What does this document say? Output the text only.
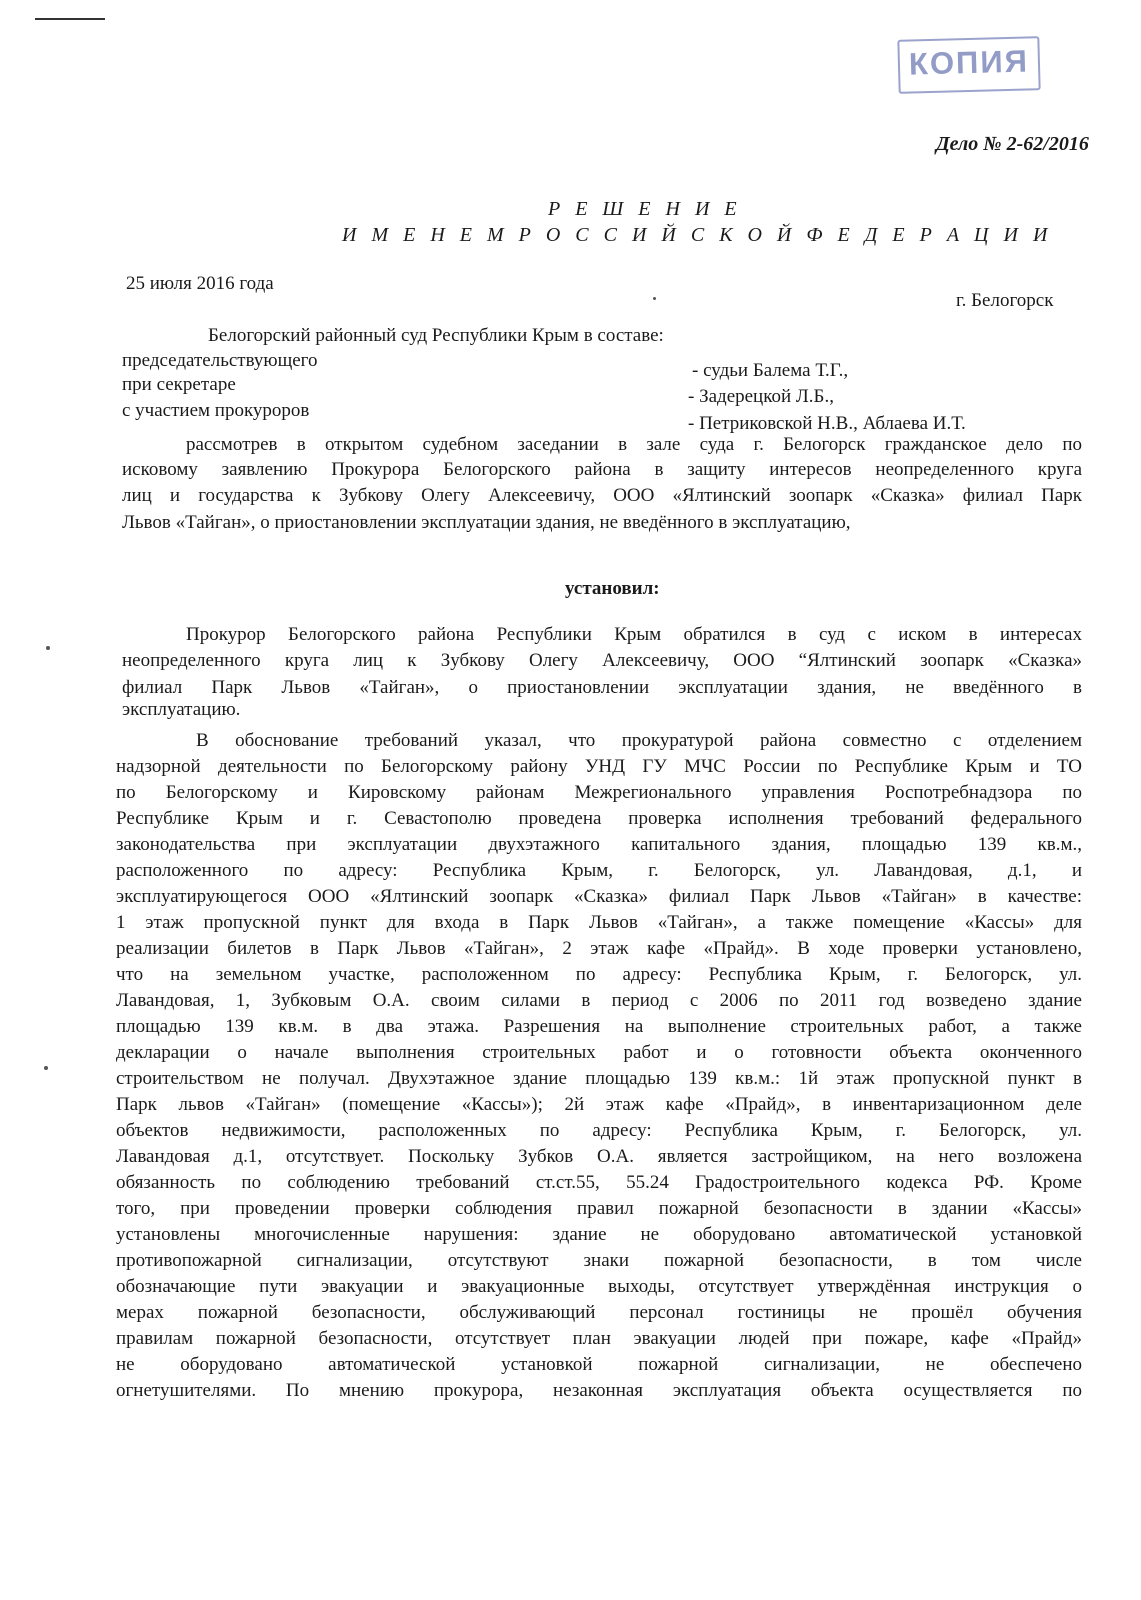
КОПИЯ
Дело № 2-62/2016
Р Е Ш Е Н И Е
И М Е Н Е М Р О С С И Й С К О Й Ф Е Д Е Р А Ц И И
25 июля 2016 года
г. Белогорск
Белогорский районный суд Республики Крым в составе:
председательствующего	- судьи Балема Т.Г.,
при секретаре
- Задерецкой Л.Б.,
с участием прокуроров
- Петриковской Н.В., Аблаева И.Т.
рассмотрев в открытом судебном заседании в зале суда г. Белогорск гражданское дело по
исковому заявлению Прокурора Белогорского района в защиту интересов неопределенного круга
лиц и государства к Зубкову Олегу Алексеевичу, ООО «Ялтинский зоопарк «Сказка» филиал Парк
Львов «Тайган», о приостановлении эксплуатации здания, не введённого в эксплуатацию,
установил:
Прокурор Белогорского района Республики Крым обратился в суд с иском в интересах
неопределенного круга лиц к Зубкову Олегу Алексеевичу, ООО “Ялтинский зоопарк «Сказка»
филиал Парк Львов «Тайган», о приостановлении эксплуатации здания, не введённого в
эксплуатацию.
В обоснование требований указал, что прокуратурой района совместно с отделением
надзорной деятельности по Белогорскому району УНД ГУ МЧС России по Республике Крым и ТО
по Белогорскому и Кировскому районам Межрегионального управления Роспотребнадзора по
Республике Крым и г. Севастополю проведена проверка исполнения требований федерального
законодательства при эксплуатации двухэтажного капитального здания, площадью 139 кв.м.,
расположенного по адресу: Республика Крым, г. Белогорск, ул. Лавандовая, д.1, и
эксплуатирующегося ООО «Ялтинский зоопарк «Сказка» филиал Парк Львов «Тайган» в качестве:
1 этаж пропускной пункт для входа в Парк Львов «Тайган», а также помещение «Кассы» для
реализации билетов в Парк Львов «Тайган», 2 этаж кафе «Прайд». В ходе проверки установлено,
что на земельном участке, расположенном по адресу: Республика Крым, г. Белогорск, ул.
Лавандовая, 1, Зубковым О.А. своим силами в период с 2006 по 2011 год возведено здание
площадью 139 кв.м. в два этажа. Разрешения на выполнение строительных работ, а также
декларации о начале выполнения строительных работ и о готовности объекта оконченного
строительством не получал. Двухэтажное здание площадью 139 кв.м.: 1й этаж пропускной пункт в
Парк львов «Тайган» (помещение «Кассы»); 2й этаж кафе «Прайд», в инвентаризационном деле
объектов недвижимости, расположенных по адресу: Республика Крым, г. Белогорск, ул.
Лавандовая д.1, отсутствует. Поскольку Зубков О.А. является застройщиком, на него возложена
обязанность по соблюдению требований ст.ст.55, 55.24 Градостроительного кодекса РФ. Кроме
того, при проведении проверки соблюдения правил пожарной безопасности в здании «Кассы»
установлены многочисленные нарушения: здание не оборудовано автоматической установкой
противопожарной сигнализации, отсутствуют знаки пожарной безопасности, в том числе
обозначающие пути эвакуации и эвакуационные выходы, отсутствует утверждённая инструкция о
мерах пожарной безопасности, обслуживающий персонал гостиницы не прошёл обучения
правилам пожарной безопасности, отсутствует план эвакуации людей при пожаре, кафе «Прайд»
не оборудовано автоматической установкой пожарной сигнализации, не обеспечено
огнетушителями. По мнению прокурора, незаконная эксплуатация объекта осуществляется по
